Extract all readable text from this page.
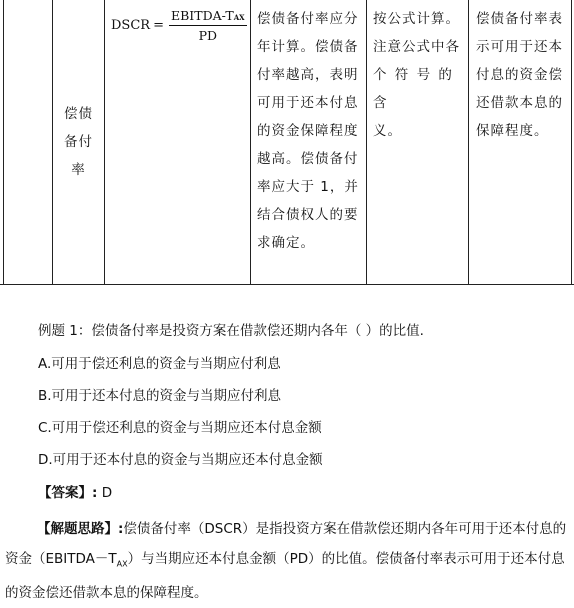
偿债
备付
率
DSCR = $\frac{\text{EBITDA-TAX}}{PD}$ 偿债备付率应分
年计算。偿债备
付率越高，表明
可用于还本付息
的资金保障程度
越高。偿债备付
率应大于 1，并
结合债权人的要
求确定。
按公式计算。
注意公式中各
个 符 号 的 含
义。
偿债备付率表
示可用于还本
付息的资金偿
还借款本息的
保障程度。
例题 1：偿债备付率是投资方案在借款偿还期内各年（ ）的比值.
A.可用于偿还利息的资金与当期应付利息
B.可用于还本付息的资金与当期应付利息
C.可用于偿还利息的资金与当期应还本付息金额
D.可用于还本付息的资金与当期应还本付息金额
【答案】: D
【解题思路】:偿债备付率（DSCR）是指投资方案在借款偿还期内各年可用于还本付息的资金$(EBITDA-T_{AX})$与当期应还本付息金额（PD）的比值。偿债备付率表示可用于还本付息的资金偿还借款本息的保障程度。
